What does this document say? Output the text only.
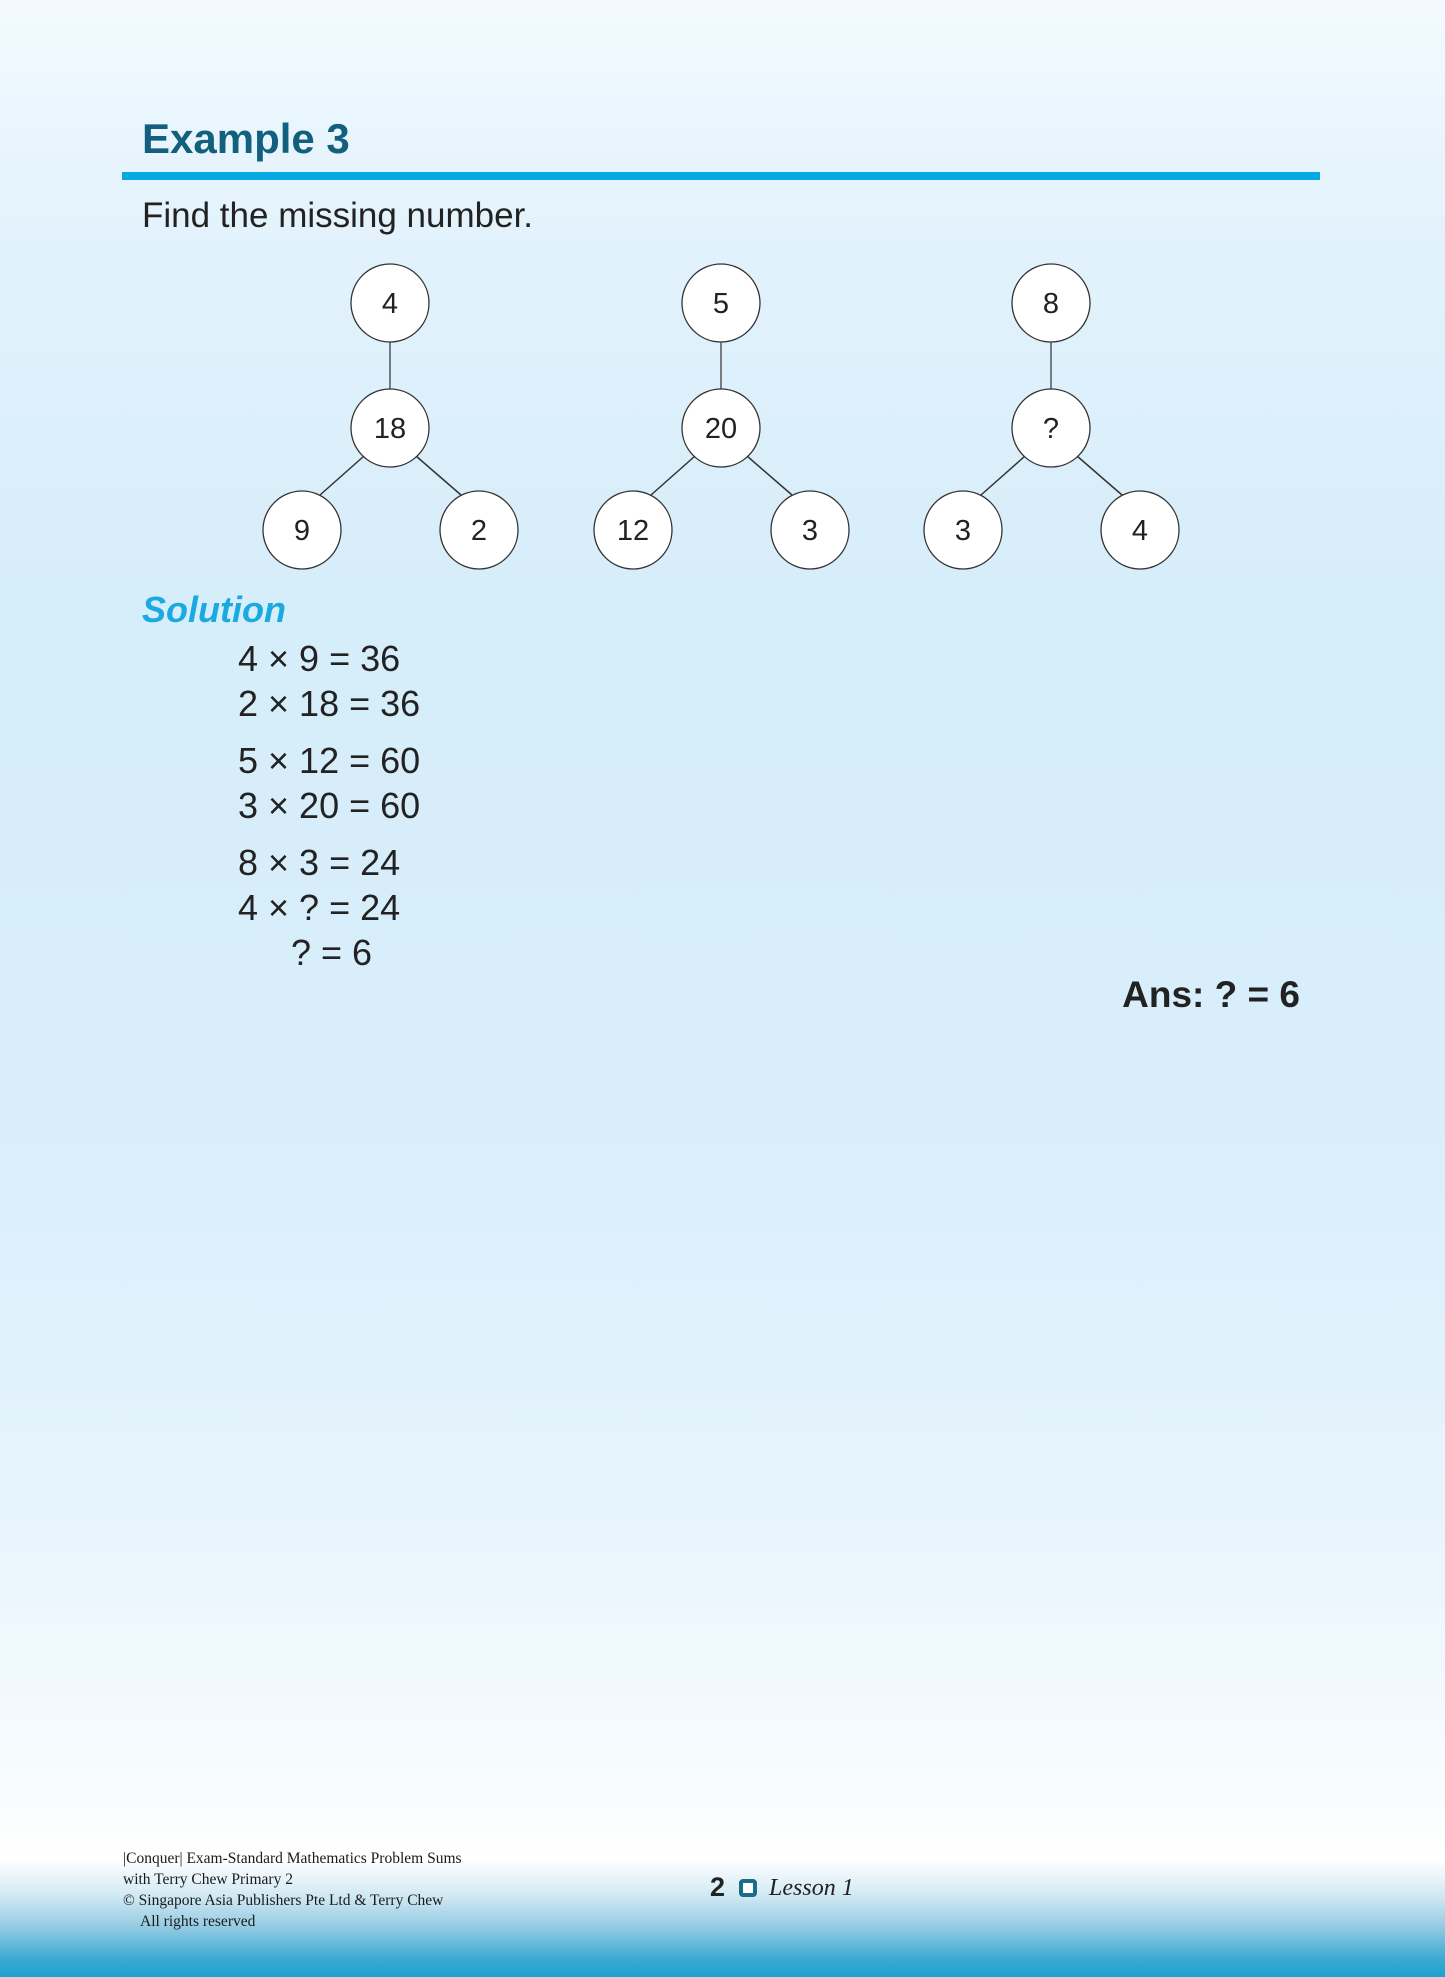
Example 3
Find the missing number.
4
18
9	2
5
20
12	3
8
?
3	4
Solution
4 × 9 = 36
2 × 18 = 36
5 × 12 = 60
3 × 20 = 60
8 × 3 = 24
4 × ? = 24
? = 6
Ans: ? = 6
|Conquer| Exam-Standard Mathematics Problem Sums
with Terry Chew Primary 2
© Singapore Asia Publishers Pte Ltd & Terry Chew
All rights reserved
2 Lesson 1
